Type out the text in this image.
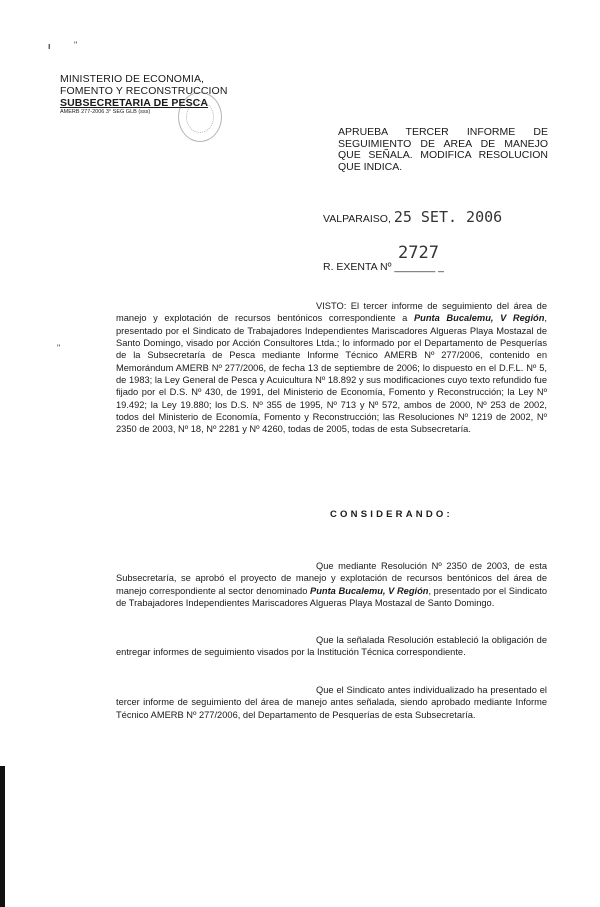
ı	"
"
MINISTERIO DE ECONOMIA,
FOMENTO Y RECONSTRUCCION
SUBSECRETARIA DE PESCA
AMERB 277-2006 3° SEG GLB (sss)
APRUEBA TERCER INFORME DE SEGUIMIENTO DE AREA DE MANEJO QUE SEÑALA. MODIFICA RESOLUCION QUE INDICA.
VALPARAISO, 25 SET. 2006
2727
R. EXENTA Nº _______ _
VISTO: El tercer informe de seguimiento del área de manejo y explotación de recursos bentónicos correspondiente a Punta Bucalemu, V Región, presentado por el Sindicato de Trabajadores Independientes Mariscadores Algueras Playa Mostazal de Santo Domingo, visado por Acción Consultores Ltda.; lo informado por el Departamento de Pesquerías de la Subsecretaría de Pesca mediante Informe Técnico AMERB Nº 277/2006, contenido en Memorándum AMERB Nº 277/2006, de fecha 13 de septiembre de 2006; lo dispuesto en el D.F.L. Nº 5, de 1983; la Ley General de Pesca y Acuicultura Nº 18.892 y sus modificaciones cuyo texto refundido fue fijado por el D.S. Nº 430, de 1991, del Ministerio de Economía, Fomento y Reconstrucción; la Ley Nº 19.492; la Ley 19.880; los D.S. Nº 355 de 1995, Nº 713 y Nº 572, ambos de 2000, Nº 253 de 2002, todos del Ministerio de Economía, Fomento y Reconstrucción; las Resoluciones Nº 1219 de 2002, Nº 2350 de 2003, Nº 18, Nº 2281 y Nº 4260, todas de 2005, todas de esta Subsecretaría.
CONSIDERANDO:
Que mediante Resolución Nº 2350 de 2003, de esta Subsecretaría, se aprobó el proyecto de manejo y explotación de recursos bentónicos del área de manejo correspondiente al sector denominado Punta Bucalemu, V Región, presentado por el Sindicato de Trabajadores Independientes Mariscadores Algueras Playa Mostazal de Santo Domingo.
Que la señalada Resolución estableció la obligación de entregar informes de seguimiento visados por la Institución Técnica correspondiente.
Que el Sindicato antes individualizado ha presentado el tercer informe de seguimiento del área de manejo antes señalada, siendo aprobado mediante Informe Técnico AMERB Nº 277/2006, del Departamento de Pesquerías de esta Subsecretaría.
